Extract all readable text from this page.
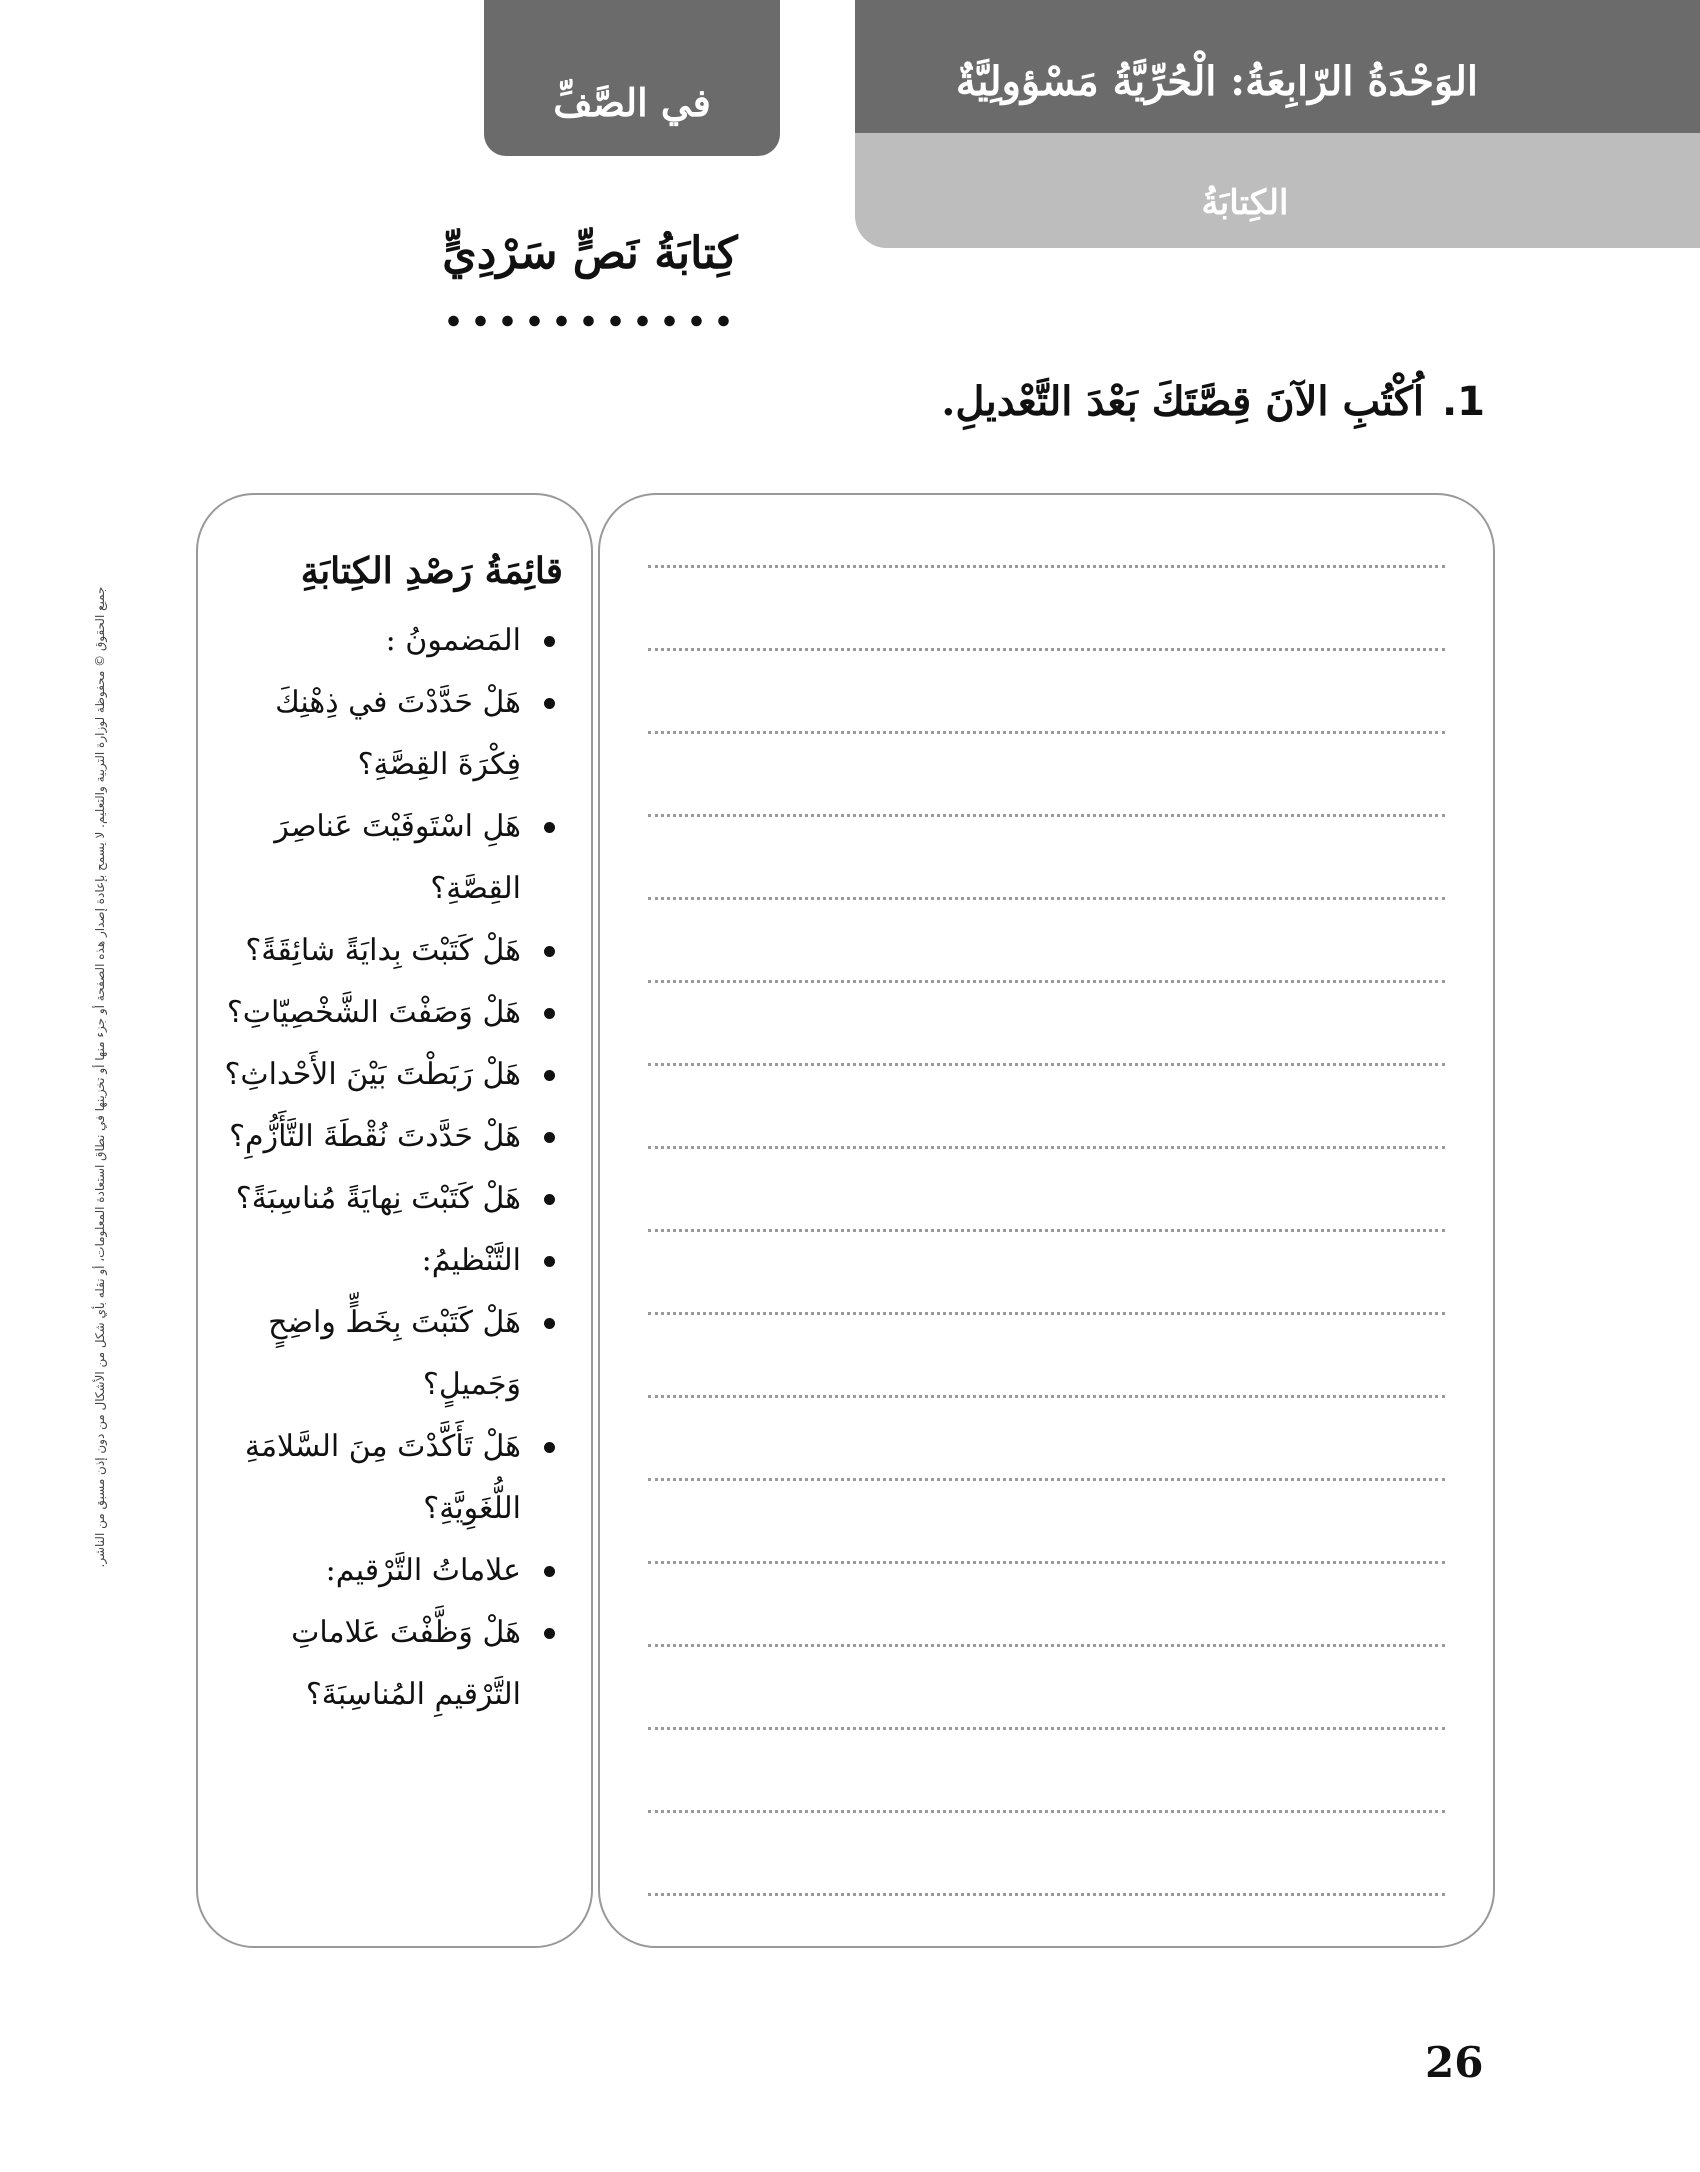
في الصَّفِّ	الوَحْدَةُ الرّابِعَةُ: الْحُرِّيَّةُ مَسْؤولِيَّةٌ
الكِتابَةُ
كِتابَةُ نَصٍّ سَرْدِيٍّ
1.اُكْتُبِ الآنَ قِصَّتَكَ بَعْدَ التَّعْديلِ.
قائِمَةُ رَصْدِ الكِتابَةِ
المَضمونُ :
هَلْ حَدَّدْتَ في ذِهْنِكَ فِكْرَةَ القِصَّةِ؟
هَلِ اسْتَوفَيْتَ عَناصِرَ القِصَّةِ؟
هَلْ كَتَبْتَ بِدايَةً شائِقَةً؟
هَلْ وَصَفْتَ الشَّخْصِيّاتِ؟
هَلْ رَبَطْتَ بَيْنَ الأَحْداثِ؟
هَلْ حَدَّدتَ نُقْطَةَ التَّأَزُّمِ؟
هَلْ كَتَبْتَ نِهايَةً مُناسِبَةً؟
التَّنْظيمُ:
هَلْ كَتَبْتَ بِخَطٍّ واضِحٍ وَجَميلٍ؟
هَلْ تَأَكَّدْتَ مِنَ السَّلامَةِ اللُّغَوِيَّةِ؟
علاماتُ التَّرْقيم:
هَلْ وَظَّفْتَ عَلاماتِ التَّرْقيمِ المُناسِبَةَ؟
جميع الحقوق © محفوظة لوزارة التربية والتعليم. لا يسمح بإعادة إصدار هذه الصفحة أو جزء منها أو تخزينها في نطاق استعادة المعلومات، أو نقله بأي شكل من الأشكال من دون إذن مسبق من الناشر.
26
